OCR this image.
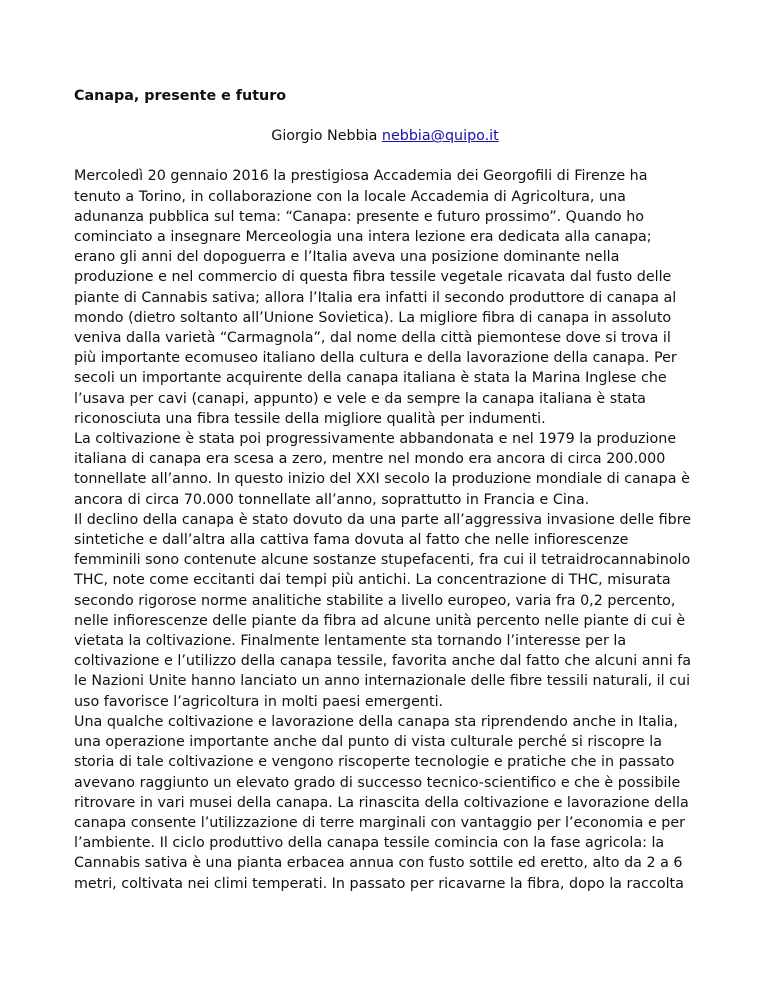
Canapa, presente e futuro
Giorgio Nebbia nebbia@quipo.it
Mercoledì 20 gennaio 2016 la prestigiosa Accademia dei Georgofili di Firenze ha tenuto a Torino, in collaborazione con la locale Accademia di Agricoltura, una adunanza pubblica sul tema: “Canapa: presente e futuro prossimo”. Quando ho cominciato a insegnare Merceologia una intera lezione era dedicata alla canapa; erano gli anni del dopoguerra e l’Italia aveva una posizione dominante nella produzione e nel commercio di questa fibra tessile vegetale ricavata dal fusto delle piante di Cannabis sativa; allora l’Italia era infatti il secondo produttore di canapa al mondo (dietro soltanto all’Unione Sovietica). La migliore fibra di canapa in assoluto veniva dalla varietà “Carmagnola”, dal nome della città piemontese dove si trova il più importante ecomuseo italiano della cultura e della lavorazione della canapa. Per secoli un importante acquirente della canapa italiana è stata la Marina Inglese che l’usava per cavi (canapi, appunto) e vele e da sempre la canapa italiana è stata riconosciuta una fibra tessile della migliore qualità per indumenti.
La coltivazione è stata poi progressivamente abbandonata e nel 1979 la produzione italiana di canapa era scesa a zero, mentre nel mondo era ancora di circa 200.000 tonnellate all’anno. In questo inizio del XXI secolo la produzione mondiale di canapa è ancora di circa 70.000 tonnellate all’anno, soprattutto in Francia e Cina.
Il declino della canapa è stato dovuto da una parte all’aggressiva invasione delle fibre sintetiche e dall’altra alla cattiva fama dovuta al fatto che nelle infiorescenze femminili sono contenute alcune sostanze stupefacenti, fra cui il tetraidrocannabinolo THC, note come eccitanti dai tempi più antichi. La concentrazione di THC, misurata secondo rigorose norme analitiche stabilite a livello europeo, varia fra 0,2 percento, nelle infiorescenze delle piante da fibra ad alcune unità percento nelle piante di cui è vietata la coltivazione. Finalmente lentamente sta tornando l’interesse per la coltivazione e l’utilizzo della canapa tessile, favorita anche dal fatto che alcuni anni fa le Nazioni Unite hanno lanciato un anno internazionale delle fibre tessili naturali, il cui uso favorisce l’agricoltura in molti paesi emergenti.
Una qualche coltivazione e lavorazione della canapa sta riprendendo anche in Italia, una operazione importante anche dal punto di vista culturale perché si riscopre la storia di tale coltivazione e vengono riscoperte tecnologie e pratiche che in passato avevano raggiunto un elevato grado di successo tecnico-scientifico e che è possibile ritrovare in vari musei della canapa. La rinascita della coltivazione e lavorazione della canapa consente l’utilizzazione di terre marginali con vantaggio per l’economia e per l’ambiente. Il ciclo produttivo della canapa tessile comincia con la fase agricola: la Cannabis sativa è una pianta erbacea annua con fusto sottile ed eretto, alto da 2 a 6 metri, coltivata nei climi temperati. In passato per ricavarne la fibra, dopo la raccolta
